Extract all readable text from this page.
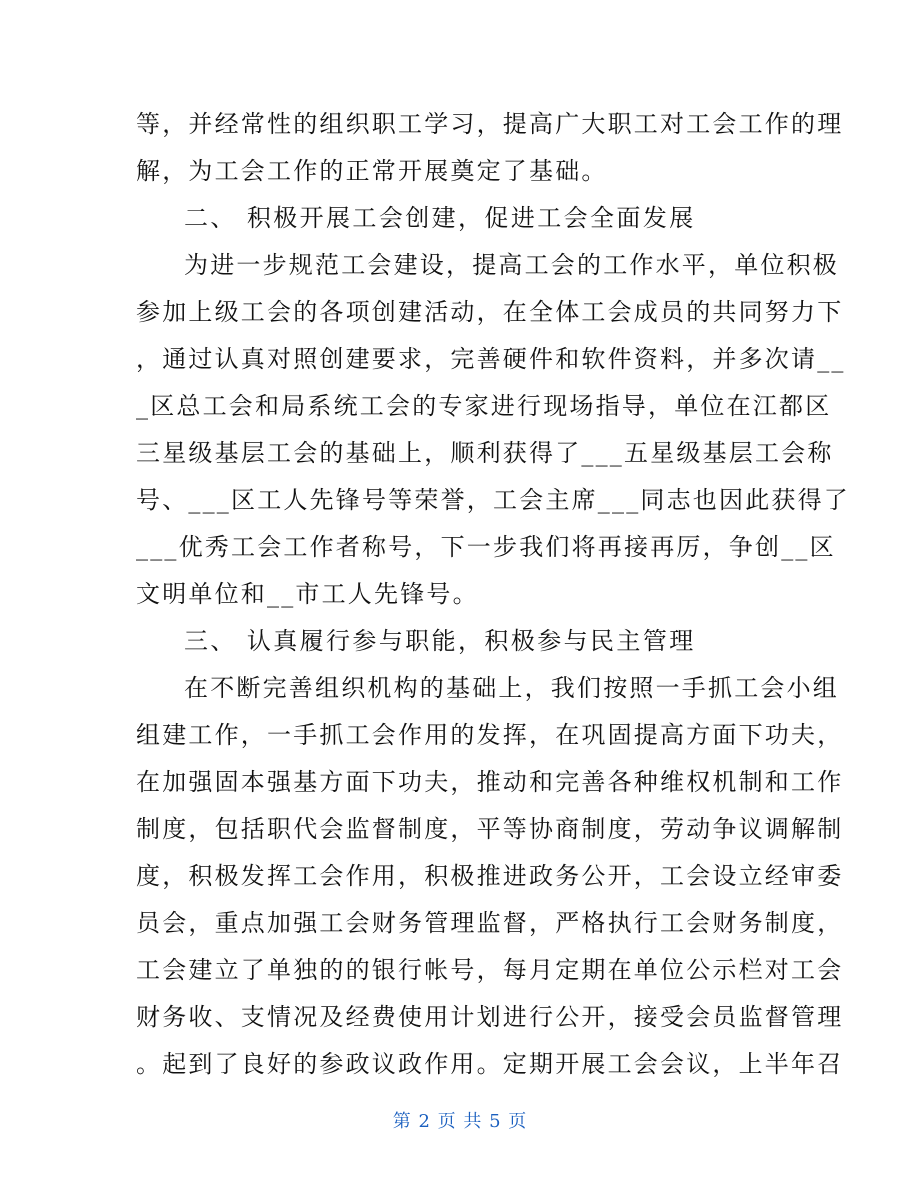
等，并经常性的组织职工学习，提高广大职工对工会工作的理
解，为工会工作的正常开展奠定了基础。
二、 积极开展工会创建，促进工会全面发展
为进一步规范工会建设，提高工会的工作水平，单位积极
参加上级工会的各项创建活动，在全体工会成员的共同努力下
，通过认真对照创建要求，完善硬件和软件资料，并多次请__
_区总工会和局系统工会的专家进行现场指导，单位在江都区
三星级基层工会的基础上，顺利获得了___五星级基层工会称
号、___区工人先锋号等荣誉，工会主席___同志也因此获得了
___优秀工会工作者称号，下一步我们将再接再厉，争创__区
文明单位和__市工人先锋号。
三、 认真履行参与职能，积极参与民主管理
在不断完善组织机构的基础上，我们按照一手抓工会小组
组建工作，一手抓工会作用的发挥，在巩固提高方面下功夫，
在加强固本强基方面下功夫，推动和完善各种维权机制和工作
制度，包括职代会监督制度，平等协商制度，劳动争议调解制
度，积极发挥工会作用，积极推进政务公开，工会设立经审委
员会，重点加强工会财务管理监督，严格执行工会财务制度，
工会建立了单独的的银行帐号，每月定期在单位公示栏对工会
财务收、支情况及经费使用计划进行公开，接受会员监督管理
。起到了良好的参政议政作用。定期开展工会会议，上半年召
第 2 页 共 5 页
